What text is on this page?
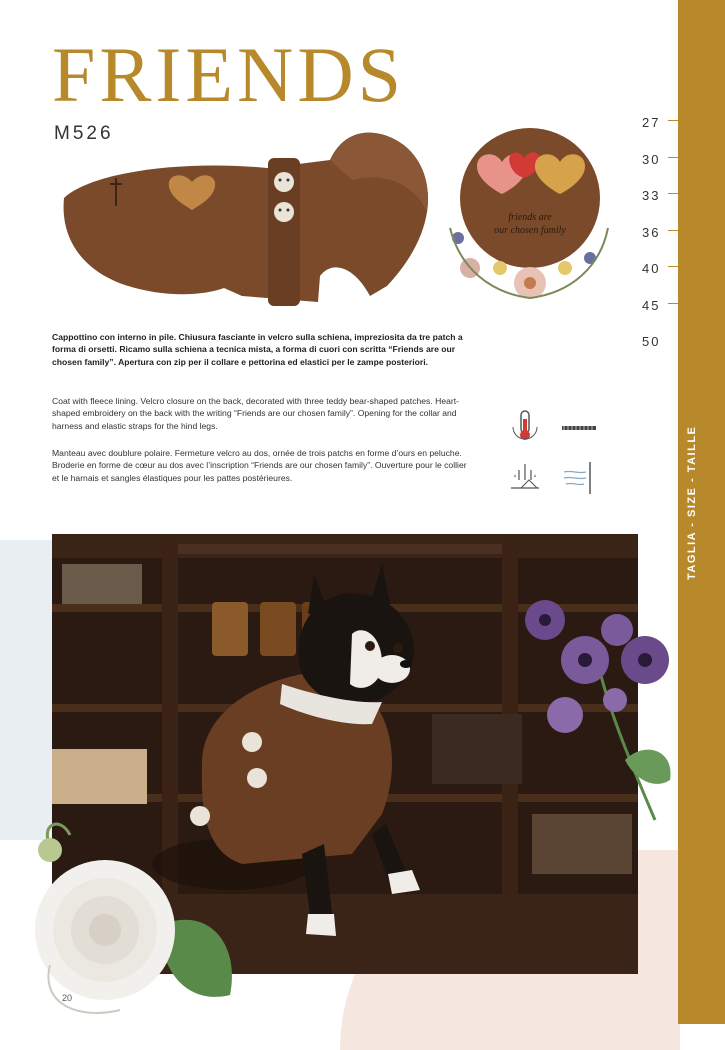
FRIENDS
M526
friends are
our chosen family

Cappottino con interno in pile. Chiusura fasciante in velcro sulla schiena, impreziosita da tre patch a forma di orsetti. Ricamo sulla schiena a tecnica mista, a forma di cuori con scritta “Friends are our chosen family”. Apertura con zip per il collare e pettorina ed elastici per le zampe posteriori.

Coat with fleece lining. Velcro closure on the back, decorated with three teddy bear-shaped patches. Heart-shaped embroidery on the back with the writing “Friends are our chosen family”. Opening for the collar and harness and elastic straps for the hind legs.

Manteau avec doublure polaire. Fermeture velcro au dos, ornée de trois patchs en forme d’ours en peluche. Broderie en forme de cœur au dos avec l’inscription “Friends are our chosen family”. Ouverture pour le collier et le harnais et sangles élastiques pour les pattes postérieures.

27
30
33
36
40
45
50
20
